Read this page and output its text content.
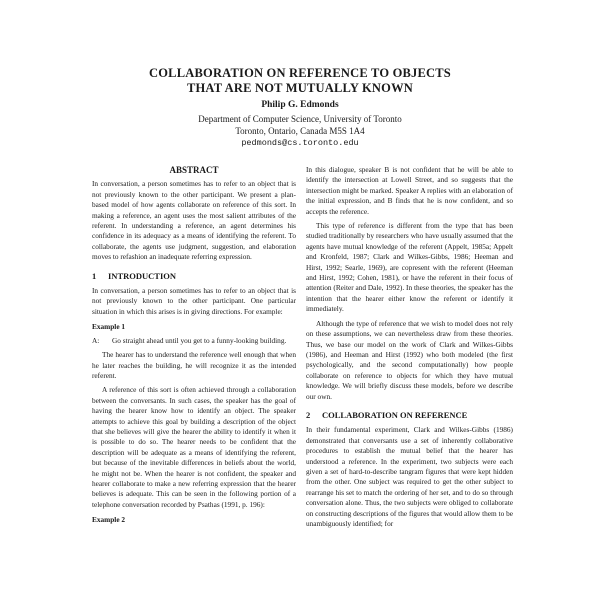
COLLABORATION ON REFERENCE TO OBJECTS
THAT ARE NOT MUTUALLY KNOWN
Philip G. Edmonds
Department of Computer Science, University of Toronto
Toronto, Ontario, Canada M5S 1A4
pedmonds@cs.toronto.edu
ABSTRACT

In conversation, a person sometimes has to refer to an object that is not previously known to the other participant. We present a plan-based model of how agents collaborate on reference of this sort. In making a reference, an agent uses the most salient attributes of the referent. In understanding a reference, an agent determines his confidence in its adequacy as a means of identifying the referent. To collaborate, the agents use judgment, suggestion, and elaboration moves to refashion an inadequate referring expression.

1 INTRODUCTION

In conversation, a person sometimes has to refer to an object that is not previously known to the other participant. One particular situation in which this arises is in giving directions. For example:

Example 1
A:	Go straight ahead until you get to a funny-looking building.

The hearer has to understand the reference well enough that when he later reaches the building, he will recognize it as the intended referent.

A reference of this sort is often achieved through a collaboration between the conversants. In such cases, the speaker has the goal of having the hearer know how to identify an object. The speaker attempts to achieve this goal by building a description of the object that she believes will give the hearer the ability to identify it when it is possible to do so. The hearer needs to be confident that the description will be adequate as a means of identifying the referent, but because of the inevitable differences in beliefs about the world, he might not be. When the hearer is not confident, the speaker and hearer collaborate to make a new referring expression that the hearer believes is adequate. This can be seen in the following portion of a telephone conversation recorded by Psathas (1991, p. 196):

Example 2

In this dialogue, speaker B is not confident that he will be able to identify the intersection at Lowell Street, and so suggests that the intersection might be marked. Speaker A replies with an elaboration of the initial expression, and B finds that he is now confident, and so accepts the reference.

This type of reference is different from the type that has been studied traditionally by researchers who have usually assumed that the agents have mutual knowledge of the referent (Appelt, 1985a; Appelt and Kronfeld, 1987; Clark and Wilkes-Gibbs, 1986; Heeman and Hirst, 1992; Searle, 1969), are copresent with the referent (Heeman and Hirst, 1992; Cohen, 1981), or have the referent in their focus of attention (Reiter and Dale, 1992). In these theories, the speaker has the intention that the hearer either know the referent or identify it immediately.

Although the type of reference that we wish to model does not rely on these assumptions, we can nevertheless draw from these theories. Thus, we base our model on the work of Clark and Wilkes-Gibbs (1986), and Heeman and Hirst (1992) who both modeled (the first psychologically, and the second computationally) how people collaborate on reference to objects for which they have mutual knowledge. We will briefly discuss these models, before we describe our own.

2 COLLABORATION ON REFERENCE

In their fundamental experiment, Clark and Wilkes-Gibbs (1986) demonstrated that conversants use a set of inherently collaborative procedures to establish the mutual belief that the hearer has understood a reference. In the experiment, two subjects were each given a set of hard-to-describe tangram figures that were kept hidden from the other. One subject was required to get the other subject to rearrange his set to match the ordering of her set, and to do so through conversation alone. Thus, the two subjects were obliged to collaborate on constructing descriptions of the figures that would allow them to be unambiguously identified; for
